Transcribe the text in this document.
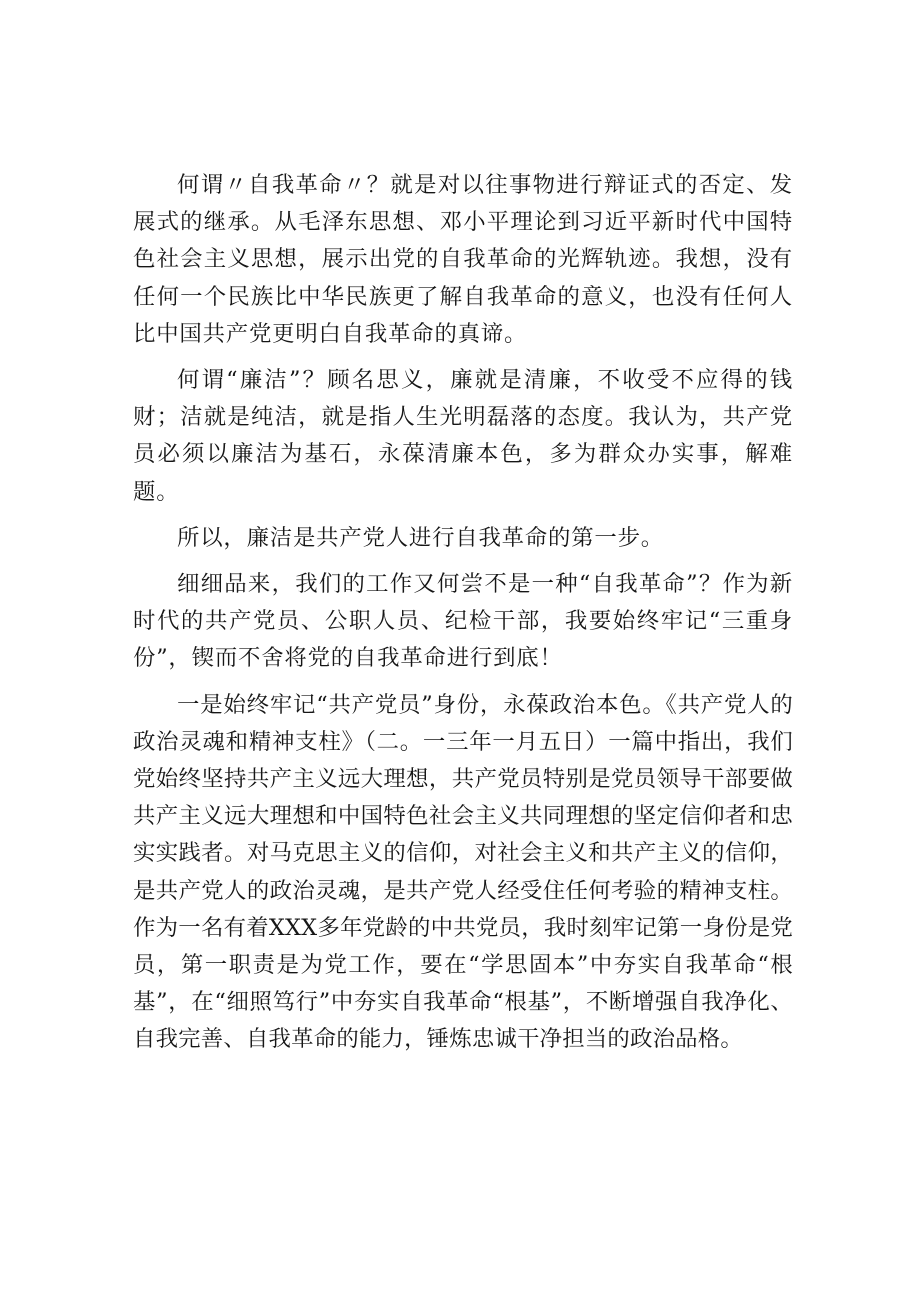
何谓〃自我革命〃？就是对以往事物进行辩证式的否定、发展式的继承。从毛泽东思想、邓小平理论到习近平新时代中国特色社会主义思想，展示出党的自我革命的光辉轨迹。我想，没有任何一个民族比中华民族更了解自我革命的意义，也没有任何人比中国共产党更明白自我革命的真谛。

何谓“廉洁”？顾名思义，廉就是清廉，不收受不应得的钱财；洁就是纯洁，就是指人生光明磊落的态度。我认为，共产党员必须以廉洁为基石，永葆清廉本色，多为群众办实事，解难题。

所以，廉洁是共产党人进行自我革命的第一步。

细细品来，我们的工作又何尝不是一种“自我革命”？作为新时代的共产党员、公职人员、纪检干部，我要始终牢记“三重身份”，锲而不舍将党的自我革命进行到底！

一是始终牢记“共产党员”身份，永葆政治本色。《共产党人的政治灵魂和精神支柱》（二。一三年一月五日）一篇中指出，我们党始终坚持共产主义远大理想，共产党员特别是党员领导干部要做共产主义远大理想和中国特色社会主义共同理想的坚定信仰者和忠实实践者。对马克思主义的信仰，对社会主义和共产主义的信仰，是共产党人的政治灵魂，是共产党人经受住任何考验的精神支柱。作为一名有着XXX多年党龄的中共党员，我时刻牢记第一身份是党员，第一职责是为党工作，要在“学思固本”中夯实自我革命“根基”，在“细照笃行”中夯实自我革命“根基”，不断增强自我净化、自我完善、自我革命的能力，锤炼忠诚干净担当的政治品格。
